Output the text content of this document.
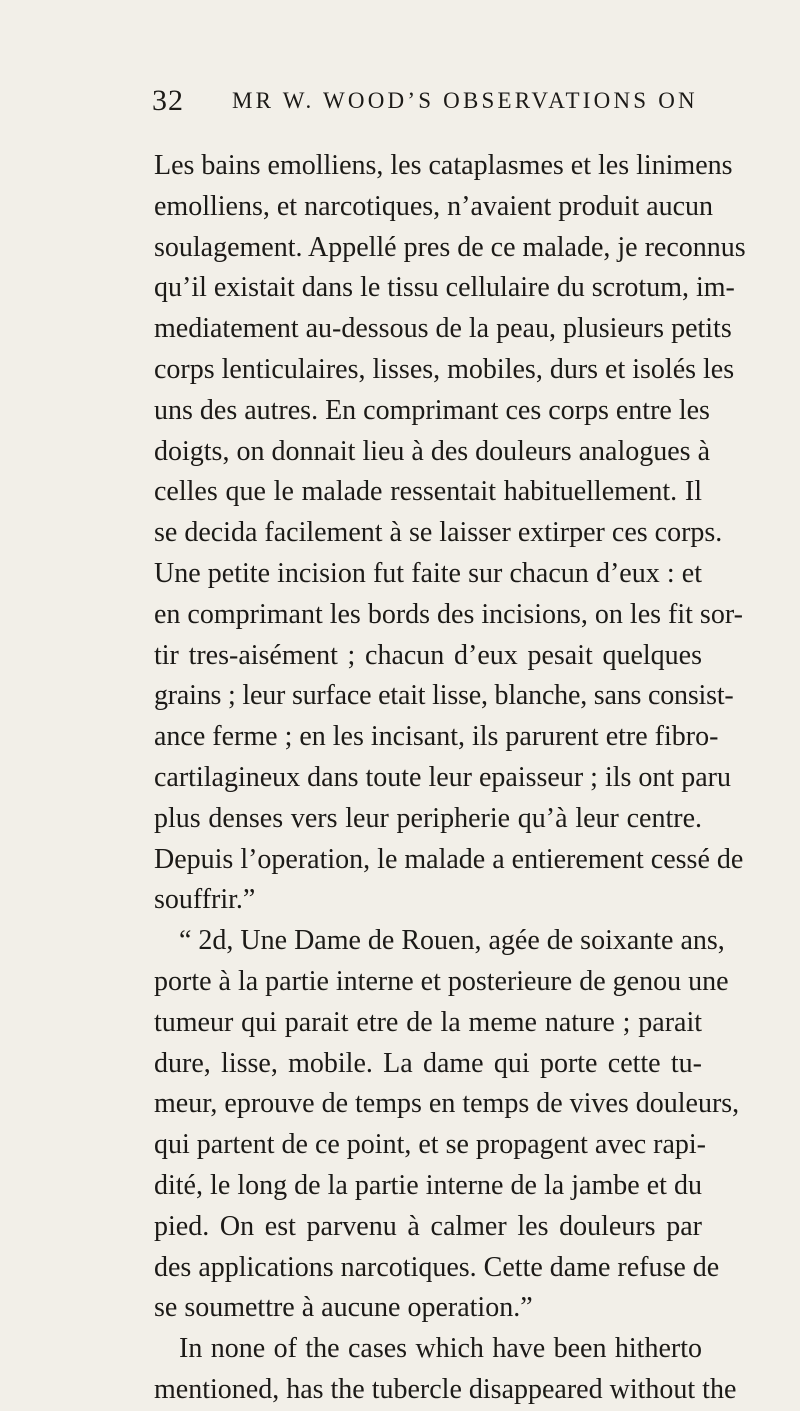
32 MR W. WOOD’S OBSERVATIONS ON
Les bains emolliens, les cataplasmes et les linimens
emolliens, et narcotiques, n’avaient produit aucun
soulagement. Appellé pres de ce malade, je reconnus
qu’il existait dans le tissu cellulaire du scrotum, im-
mediatement au-dessous de la peau, plusieurs petits
corps lenticulaires, lisses, mobiles, durs et isolés les
uns des autres. En comprimant ces corps entre les
doigts, on donnait lieu à des douleurs analogues à
celles que le malade ressentait habituellement. Il
se decida facilement à se laisser extirper ces corps.
Une petite incision fut faite sur chacun d’eux : et
en comprimant les bords des incisions, on les fit sor-
tir tres-aisément ; chacun d’eux pesait quelques
grains ; leur surface etait lisse, blanche, sans consist-
ance ferme ; en les incisant, ils parurent etre fibro-
cartilagineux dans toute leur epaisseur ; ils ont paru
plus denses vers leur peripherie qu’à leur centre.
Depuis l’operation, le malade a entierement cessé de
souffrir.”
“ 2d, Une Dame de Rouen, agée de soixante ans,
porte à la partie interne et posterieure de genou une
tumeur qui parait etre de la meme nature ; parait
dure, lisse, mobile. La dame qui porte cette tu-
meur, eprouve de temps en temps de vives douleurs,
qui partent de ce point, et se propagent avec rapi-
dité, le long de la partie interne de la jambe et du
pied. On est parvenu à calmer les douleurs par
des applications narcotiques. Cette dame refuse de
se soumettre à aucune operation.”
In none of the cases which have been hitherto
mentioned, has the tubercle disappeared without the
